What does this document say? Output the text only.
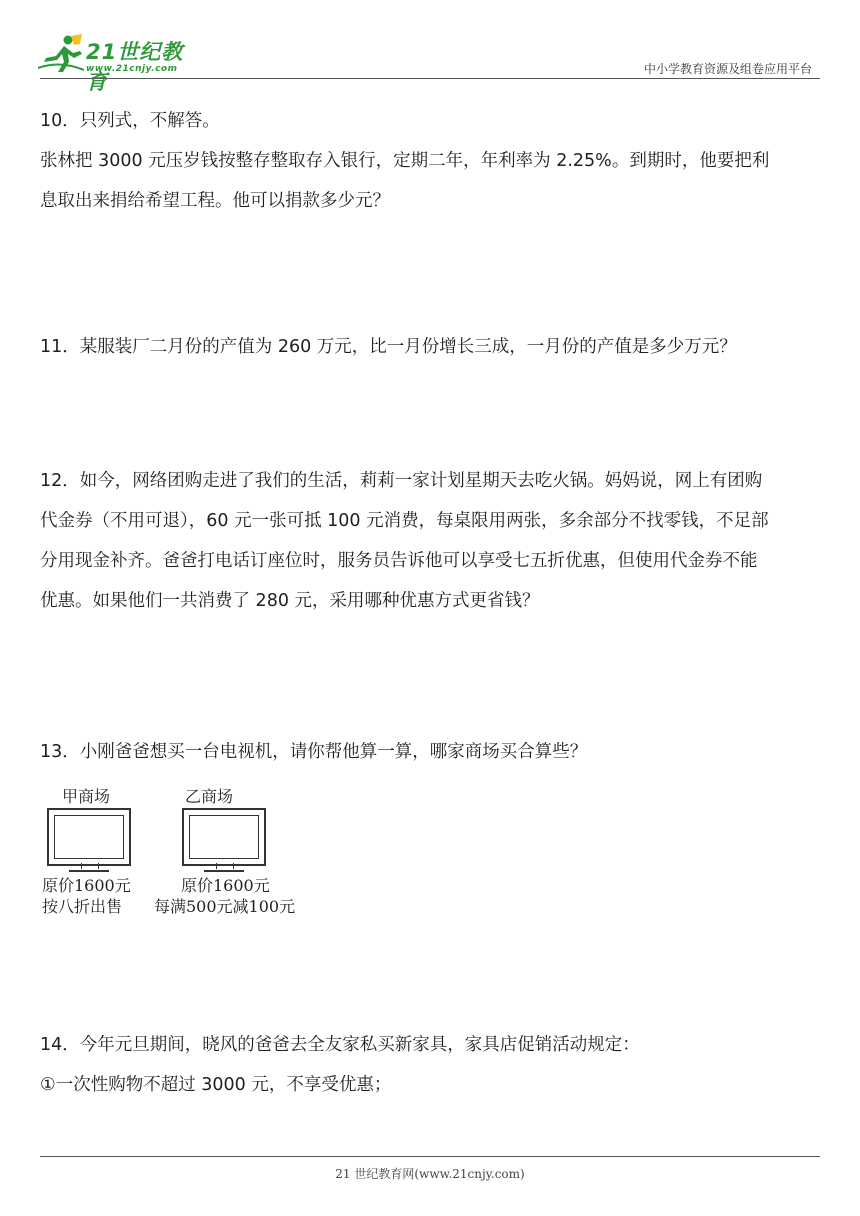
21世纪教育
www.21cnjy.com	中小学教育资源及组卷应用平台

10．只列式，不解答。

张林把 3000 元压岁钱按整存整取存入银行，定期二年，年利率为 2.25%。到期时，他要把利

息取出来捐给希望工程。他可以捐款多少元？

11．某服装厂二月份的产值为 260 万元，比一月份增长三成，一月份的产值是多少万元？

12．如今，网络团购走进了我们的生活，莉莉一家计划星期天去吃火锅。妈妈说，网上有团购

代金券（不用可退），60 元一张可抵 100 元消费，每桌限用两张，多余部分不找零钱，不足部

分用现金补齐。爸爸打电话订座位时，服务员告诉他可以享受七五折优惠，但使用代金券不能

优惠。如果他们一共消费了 280 元，采用哪种优惠方式更省钱？

13．小刚爸爸想买一台电视机，请你帮他算一算，哪家商场买合算些？

甲商场
原价1600元
按八折出售
乙商场
原价1600元
每满500元减100元

14．今年元旦期间，晓风的爸爸去全友家私买新家具，家具店促销活动规定：

①一次性购物不超过 3000 元，不享受优惠；

21 世纪教育网(www.21cnjy.com)
